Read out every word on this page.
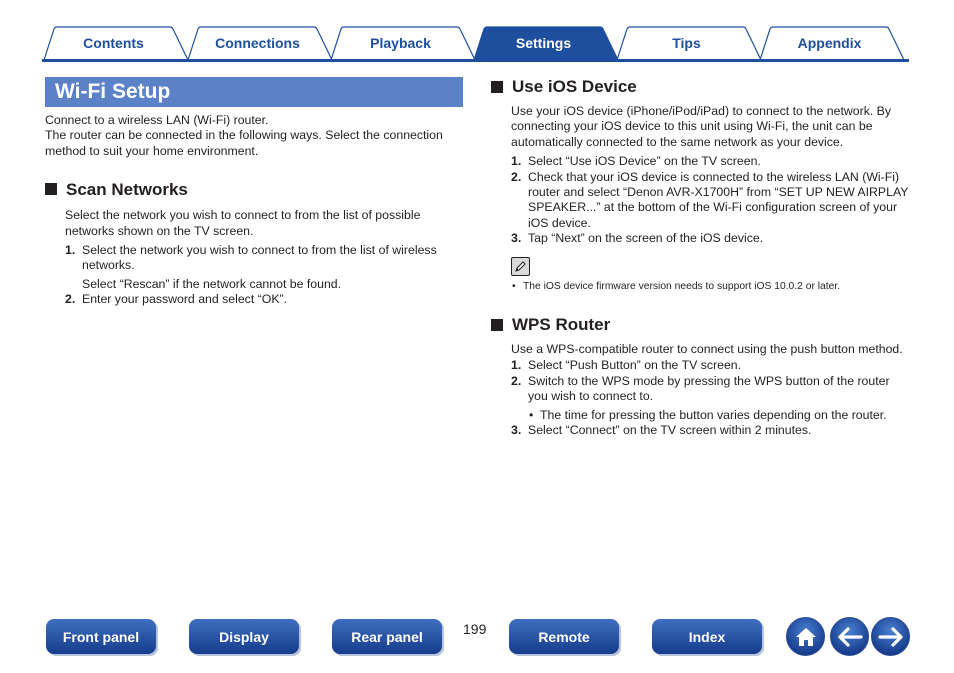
Contents	Connections	Playback	Settings	Tips	Appendix
Wi-Fi Setup

Connect to a wireless LAN (Wi-Fi) router.

The router can be connected in the following ways. Select the connection method to suit your home environment.

Scan Networks

Select the network you wish to connect to from the list of possible networks shown on the TV screen.

1. Select the network you wish to connect to from the list of wireless networks.
Select “Rescan” if the network cannot be found.
2. Enter your password and select “OK”.
Use iOS Device

Use your iOS device (iPhone/iPod/iPad) to connect to the network. By connecting your iOS device to this unit using Wi-Fi, the unit can be automatically connected to the same network as your device.

1. Select “Use iOS Device” on the TV screen.
2. Check that your iOS device is connected to the wireless LAN (Wi-Fi) router and select “Denon AVR-X1700H” from “SET UP NEW AIRPLAY SPEAKER...” at the bottom of the Wi-Fi configuration screen of your iOS device.
3. Tap “Next” on the screen of the iOS device.
• The iOS device firmware version needs to support iOS 10.0.2 or later.
WPS Router

Use a WPS-compatible router to connect using the push button method.

1. Select “Push Button” on the TV screen.
2. Switch to the WPS mode by pressing the WPS button of the router you wish to connect to.
• The time for pressing the button varies depending on the router.
3. Select “Connect” on the TV screen within 2 minutes.
Front panel	Display	Rear panel	199	Remote	Index
